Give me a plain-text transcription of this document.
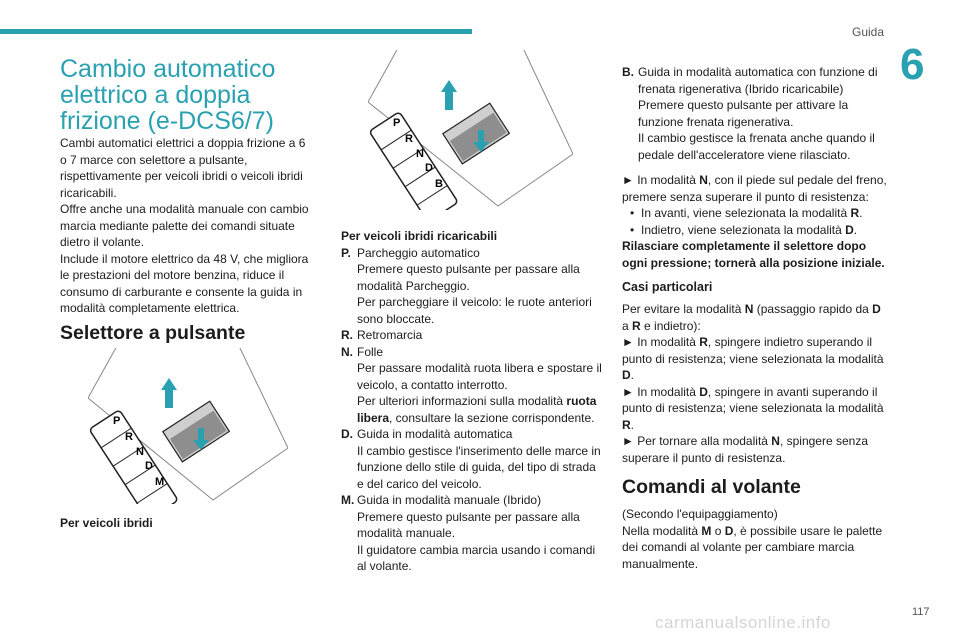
Guida
6
Cambio automatico elettrico a doppia frizione (e-DCS6/7)

Cambi automatici elettrici a doppia frizione a 6 o 7 marce con selettore a pulsante, rispettivamente per veicoli ibridi o veicoli ibridi ricaricabili.

Offre anche una modalità manuale con cambio marcia mediante palette dei comandi situate dietro il volante.

Include il motore elettrico da 48 V, che migliora le prestazioni del motore benzina, riduce il consumo di carburante e consente la guida in modalità completamente elettrica.

Selettore a pulsante
P
R
N
D
M
Per veicoli ibridi
P
R
N
D
B
Per veicoli ibridi ricaricabili
P. Parcheggio automatico
Premere questo pulsante per passare alla modalità Parcheggio.
Per parcheggiare il veicolo: le ruote anteriori sono bloccate.
R. Retromarcia
N. Folle
Per passare modalità ruota libera e spostare il veicolo, a contatto interrotto.
Per ulteriori informazioni sulla modalità ruota libera, consultare la sezione corrispondente.
D. Guida in modalità automatica
Il cambio gestisce l'inserimento delle marce in funzione dello stile di guida, del tipo di strada e del carico del veicolo.
M. Guida in modalità manuale (Ibrido)
Premere questo pulsante per passare alla modalità manuale.
Il guidatore cambia marcia usando i comandi al volante.
B. Guida in modalità automatica con funzione di frenata rigenerativa (Ibrido ricaricabile)
Premere questo pulsante per attivare la funzione frenata rigenerativa.
Il cambio gestisce la frenata anche quando il pedale dell'acceleratore viene rilasciato.

► In modalità N, con il piede sul pedale del freno, premere senza superare il punto di resistenza:

• In avanti, viene selezionata la modalità R.
• Indietro, viene selezionata la modalità D.

Rilasciare completamente il selettore dopo ogni pressione; tornerà alla posizione iniziale.

Casi particolari

Per evitare la modalità N (passaggio rapido da D a R e indietro):

► In modalità R, spingere indietro superando il punto di resistenza; viene selezionata la modalità D.

► In modalità D, spingere in avanti superando il punto di resistenza; viene selezionata la modalità R.

► Per tornare alla modalità N, spingere senza superare il punto di resistenza.

Comandi al volante

(Secondo l'equipaggiamento)

Nella modalità M o D, è possibile usare le palette dei comandi al volante per cambiare marcia manualmente.

carmanualsonline.info
117
